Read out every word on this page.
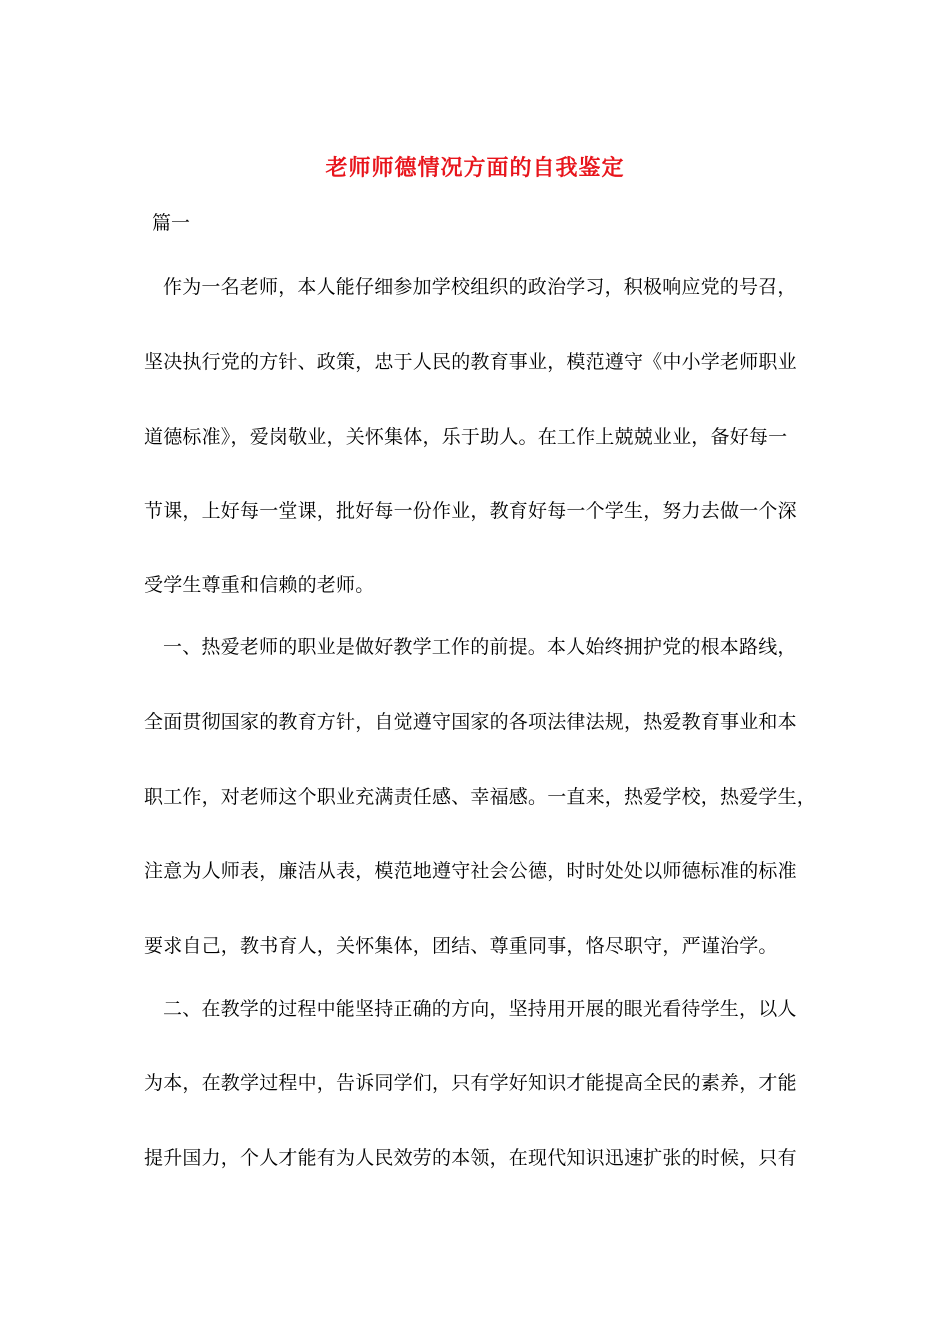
老师师德情况方面的自我鉴定
篇一
作为一名老师，本人能仔细参加学校组织的政治学习，积极响应党的号召，
坚决执行党的方针、政策，忠于人民的教育事业，模范遵守《中小学老师职业
道德标准》，爱岗敬业，关怀集体，乐于助人。在工作上兢兢业业，备好每一
节课，上好每一堂课，批好每一份作业，教育好每一个学生，努力去做一个深
受学生尊重和信赖的老师。
一、热爱老师的职业是做好教学工作的前提。本人始终拥护党的根本路线，
全面贯彻国家的教育方针，自觉遵守国家的各项法律法规，热爱教育事业和本
职工作，对老师这个职业充满责任感、幸福感。一直来，热爱学校，热爱学生，
注意为人师表，廉洁从表，模范地遵守社会公德，时时处处以师德标准的标准
要求自己，教书育人，关怀集体，团结、尊重同事，恪尽职守，严谨治学。
二、在教学的过程中能坚持正确的方向，坚持用开展的眼光看待学生，以人
为本，在教学过程中，告诉同学们，只有学好知识才能提高全民的素养，才能
提升国力，个人才能有为人民效劳的本领，在现代知识迅速扩张的时候，只有
